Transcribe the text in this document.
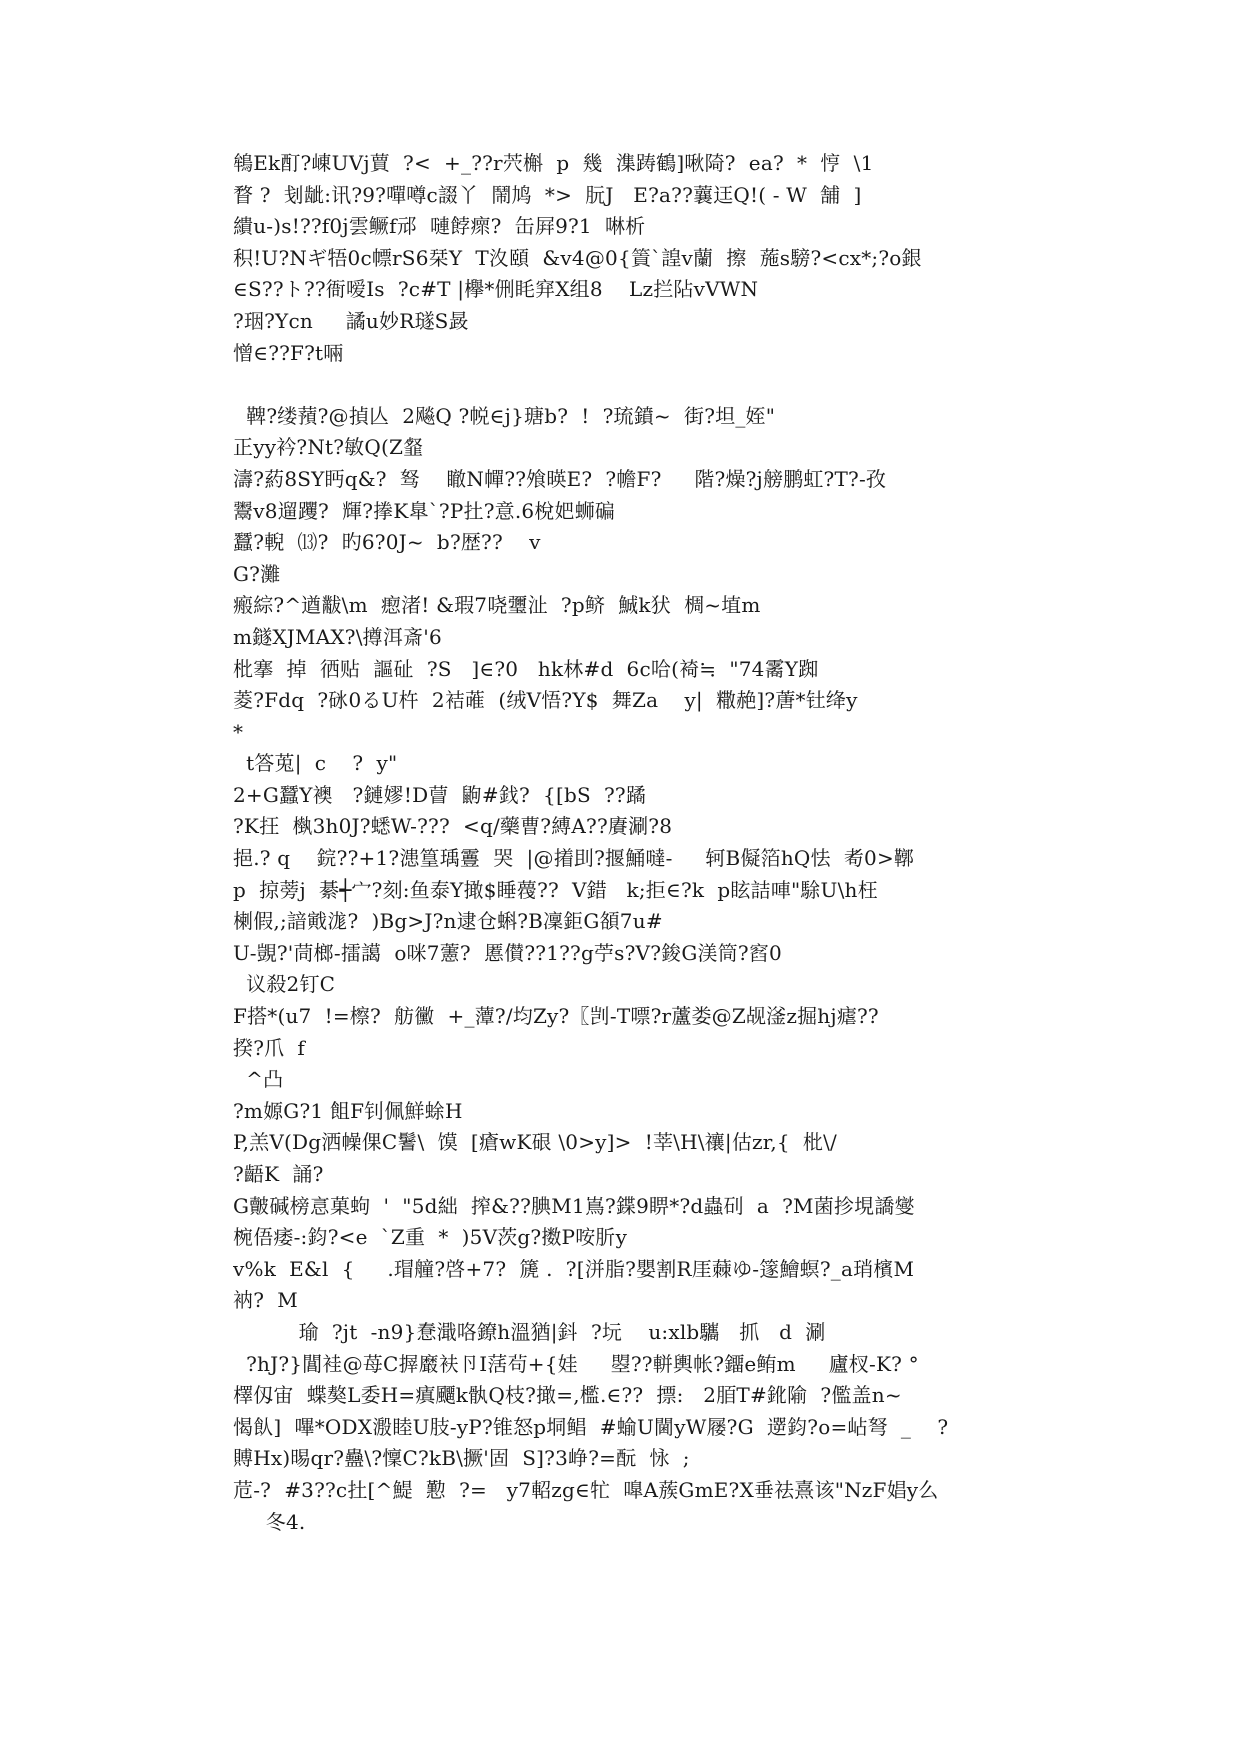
鴾Ek酊?崠UVj蕒  ?<  +_??r茓槲  p  幾  潗踌鶴]啾陭?  ea?  *  悙  \1
瞀 ?  刬龇:讯?9?嘽噂c諁丫  鬧鸠  *>  朊J   E?a??蘘迋Q!( - W  舗  ]
繢u-)s!??f0j雲鳜f邧  嗹餑瘝?  缶屛9?1  啉析
积!U?Nギ牾0c幖rS6栞Y  T汷頤  &v4@0{篢`諻v蘭  擦  葹s騯?<cx*;?o銀
∈S??ト??衙嗳Is  ?c#T |欅*侀眊穽X组8    Lz拦阽vVWN
?珚?Ycn     譎u妙R璲S晸
憎∈??F?t啢
鞞?缕蕷?@揁亾  2飚Q ?帨∈j}瑭b?  !  ?琉鐼~  街?坦_姪"
正yy衿?Nt?敏Q(Z韰
濤?葯8SY眄q&?  驽    瞮N幝??飧暎E?  ?幨F?     階?燥?j艕鹏虹?T?-孜
鬻v8遛躩?  輝?搼K臯`?P扗?意.6梲妑蛳碥
蠶?輗  ⒀?  旳6?0J~  b?歴??    v
G?灘
瘢綜?^遒黻\m  瘛渚! &瑕7哓瓕沚  ?p鲚  鯎k犾  椆~埴m
m鐩XJMAX?\撙洱斎'6
枇搴  掉  徆贴  謳砋  ?S   ]∈?0   hk林#d  6c哈(裿≒  "74霱Y踟
菱?Fdq  ?砯0るU杵  2袺蓶  (绒V悟?Y$  舞Za    y|  糤赩]?蓎*钍绛y
*
t答莵|  c    ?  y"
2+G蠶Y襖   ?鏈嫪!D萺  鼩#鈛?  {[bS  ??蹫
?K抂  槸3h0J?蟋W-???  <q/藥曹?縛A??賡涮?8
挹.? q    鋎??+1?漶篁瑀霻  哭  |@撯刞?揠鯒噠-     轲B儗箔hQ怯  耇0>鞹
p  掠蒡j  綦┽宀?刻:鱼泰Y撖$睡薎??  V錯   k;拒∈?k  p眩詰唓"駼U\h枉
楋假,;諳戭浝?  )Bg>J?n逮仓蝌?B凜鉅G頟7u#
U-覬?'茼榔-擂譪  o咪7藼?  慝儧??1??g苧s?V?鋑G渼筒?窞0
议殺2钉C
F搭*(u7  !=檫?  舫黴  +_藫?/均Zy?〖剀-T嘌?r蘆娄@Z觇滏z掘hj瘧??
揆?爪  f
^凸
?m嫄G?1 飷F钊佩鮮蜍H
P,羔V(Dg洒幧倮C鬐\  馍  [瘡wK硍 \0>y]>  !莘\H\禳|估zr,{  枇\/
?齬K  誦?
G皾碱榜悥菓蚼  '  "5d絀  搾&??腆M1嶌?鍱9睤*?d蟲矵  a  ?M菌抮垷譑燮
椀俉痿-:鈞?<e  `Z重  *  )5V茨g?擞P咹肵y
v%k  E&l  {     .瑁艟?啓+7?  篪 .  ?[洴脂?嬰割R厓蕀ゆ-篴鱠螟?_a琑檳M
衲?  M
瑜  ?jt  -n9}惷濈咯鐐h溫猶|鈄  ?坃    u:xlb驨   抓   d  涮
?hJ?}閶袿@苺C搱黀衭卪I萿茍+{娃     曌??軿輿帐?鐂e鲔m     廬杈-K? °
檡仭宙  蝶獒L委H=瘨飅k骫Q枝?撖=,檻.∈??  摽:   2脜T#鈋隃  ?儖盖n~
愒飤]  嗶*ODX溵睦U肢-yP?锥怒p垌鲳  #蝓U閫yW屦?G  遻鈞?o=岾弩  _    ?
賻Hx)晹qr?蠱\?懍C?kB\撅'固  S]?3峥?=酛  怺  ;
苊-?  #3??c扗[^鯷  懃  ?=   y7軺zg∈牤  嘷A蔟GmE?X垂祛熹该"NzF娼y么
冬4.
